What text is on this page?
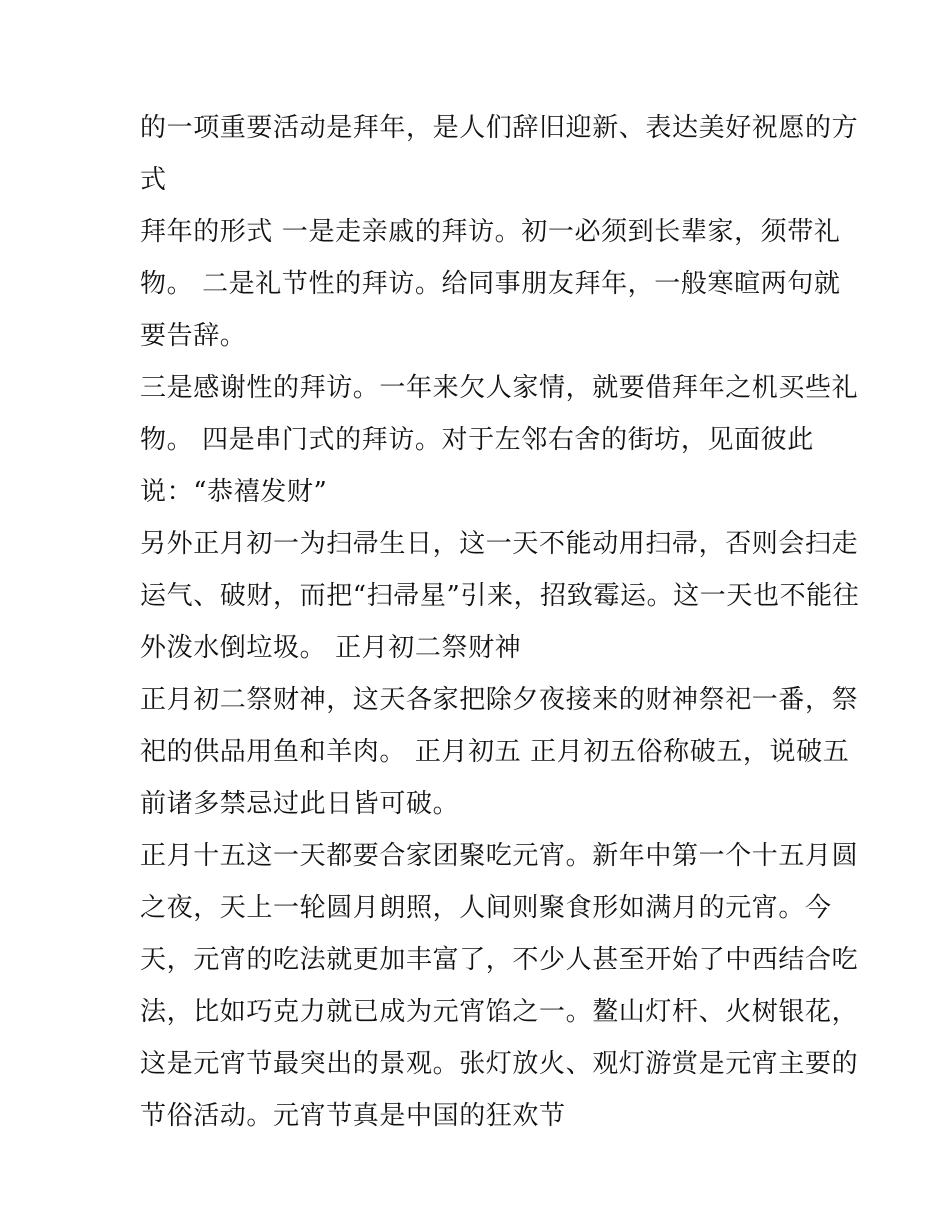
的一项重要活动是拜年，是人们辞旧迎新、表达美好祝愿的方
式
拜年的形式 一是走亲戚的拜访。初一必须到长辈家，须带礼
物。 二是礼节性的拜访。给同事朋友拜年，一般寒暄两句就
要告辞。
三是感谢性的拜访。一年来欠人家情，就要借拜年之机买些礼
物。 四是串门式的拜访。对于左邻右舍的街坊，见面彼此
说：“恭禧发财”
另外正月初一为扫帚生日，这一天不能动用扫帚，否则会扫走
运气、破财，而把“扫帚星”引来，招致霉运。这一天也不能往
外泼水倒垃圾。 正月初二祭财神
正月初二祭财神，这天各家把除夕夜接来的财神祭祀一番，祭
祀的供品用鱼和羊肉。 正月初五 正月初五俗称破五，说破五
前诸多禁忌过此日皆可破。
正月十五这一天都要合家团聚吃元宵。新年中第一个十五月圆
之夜，天上一轮圆月朗照，人间则聚食形如满月的元宵。今
天，元宵的吃法就更加丰富了，不少人甚至开始了中西结合吃
法，比如巧克力就已成为元宵馅之一。鳌山灯杆、火树银花，
这是元宵节最突出的景观。张灯放火、观灯游赏是元宵主要的
节俗活动。元宵节真是中国的狂欢节
